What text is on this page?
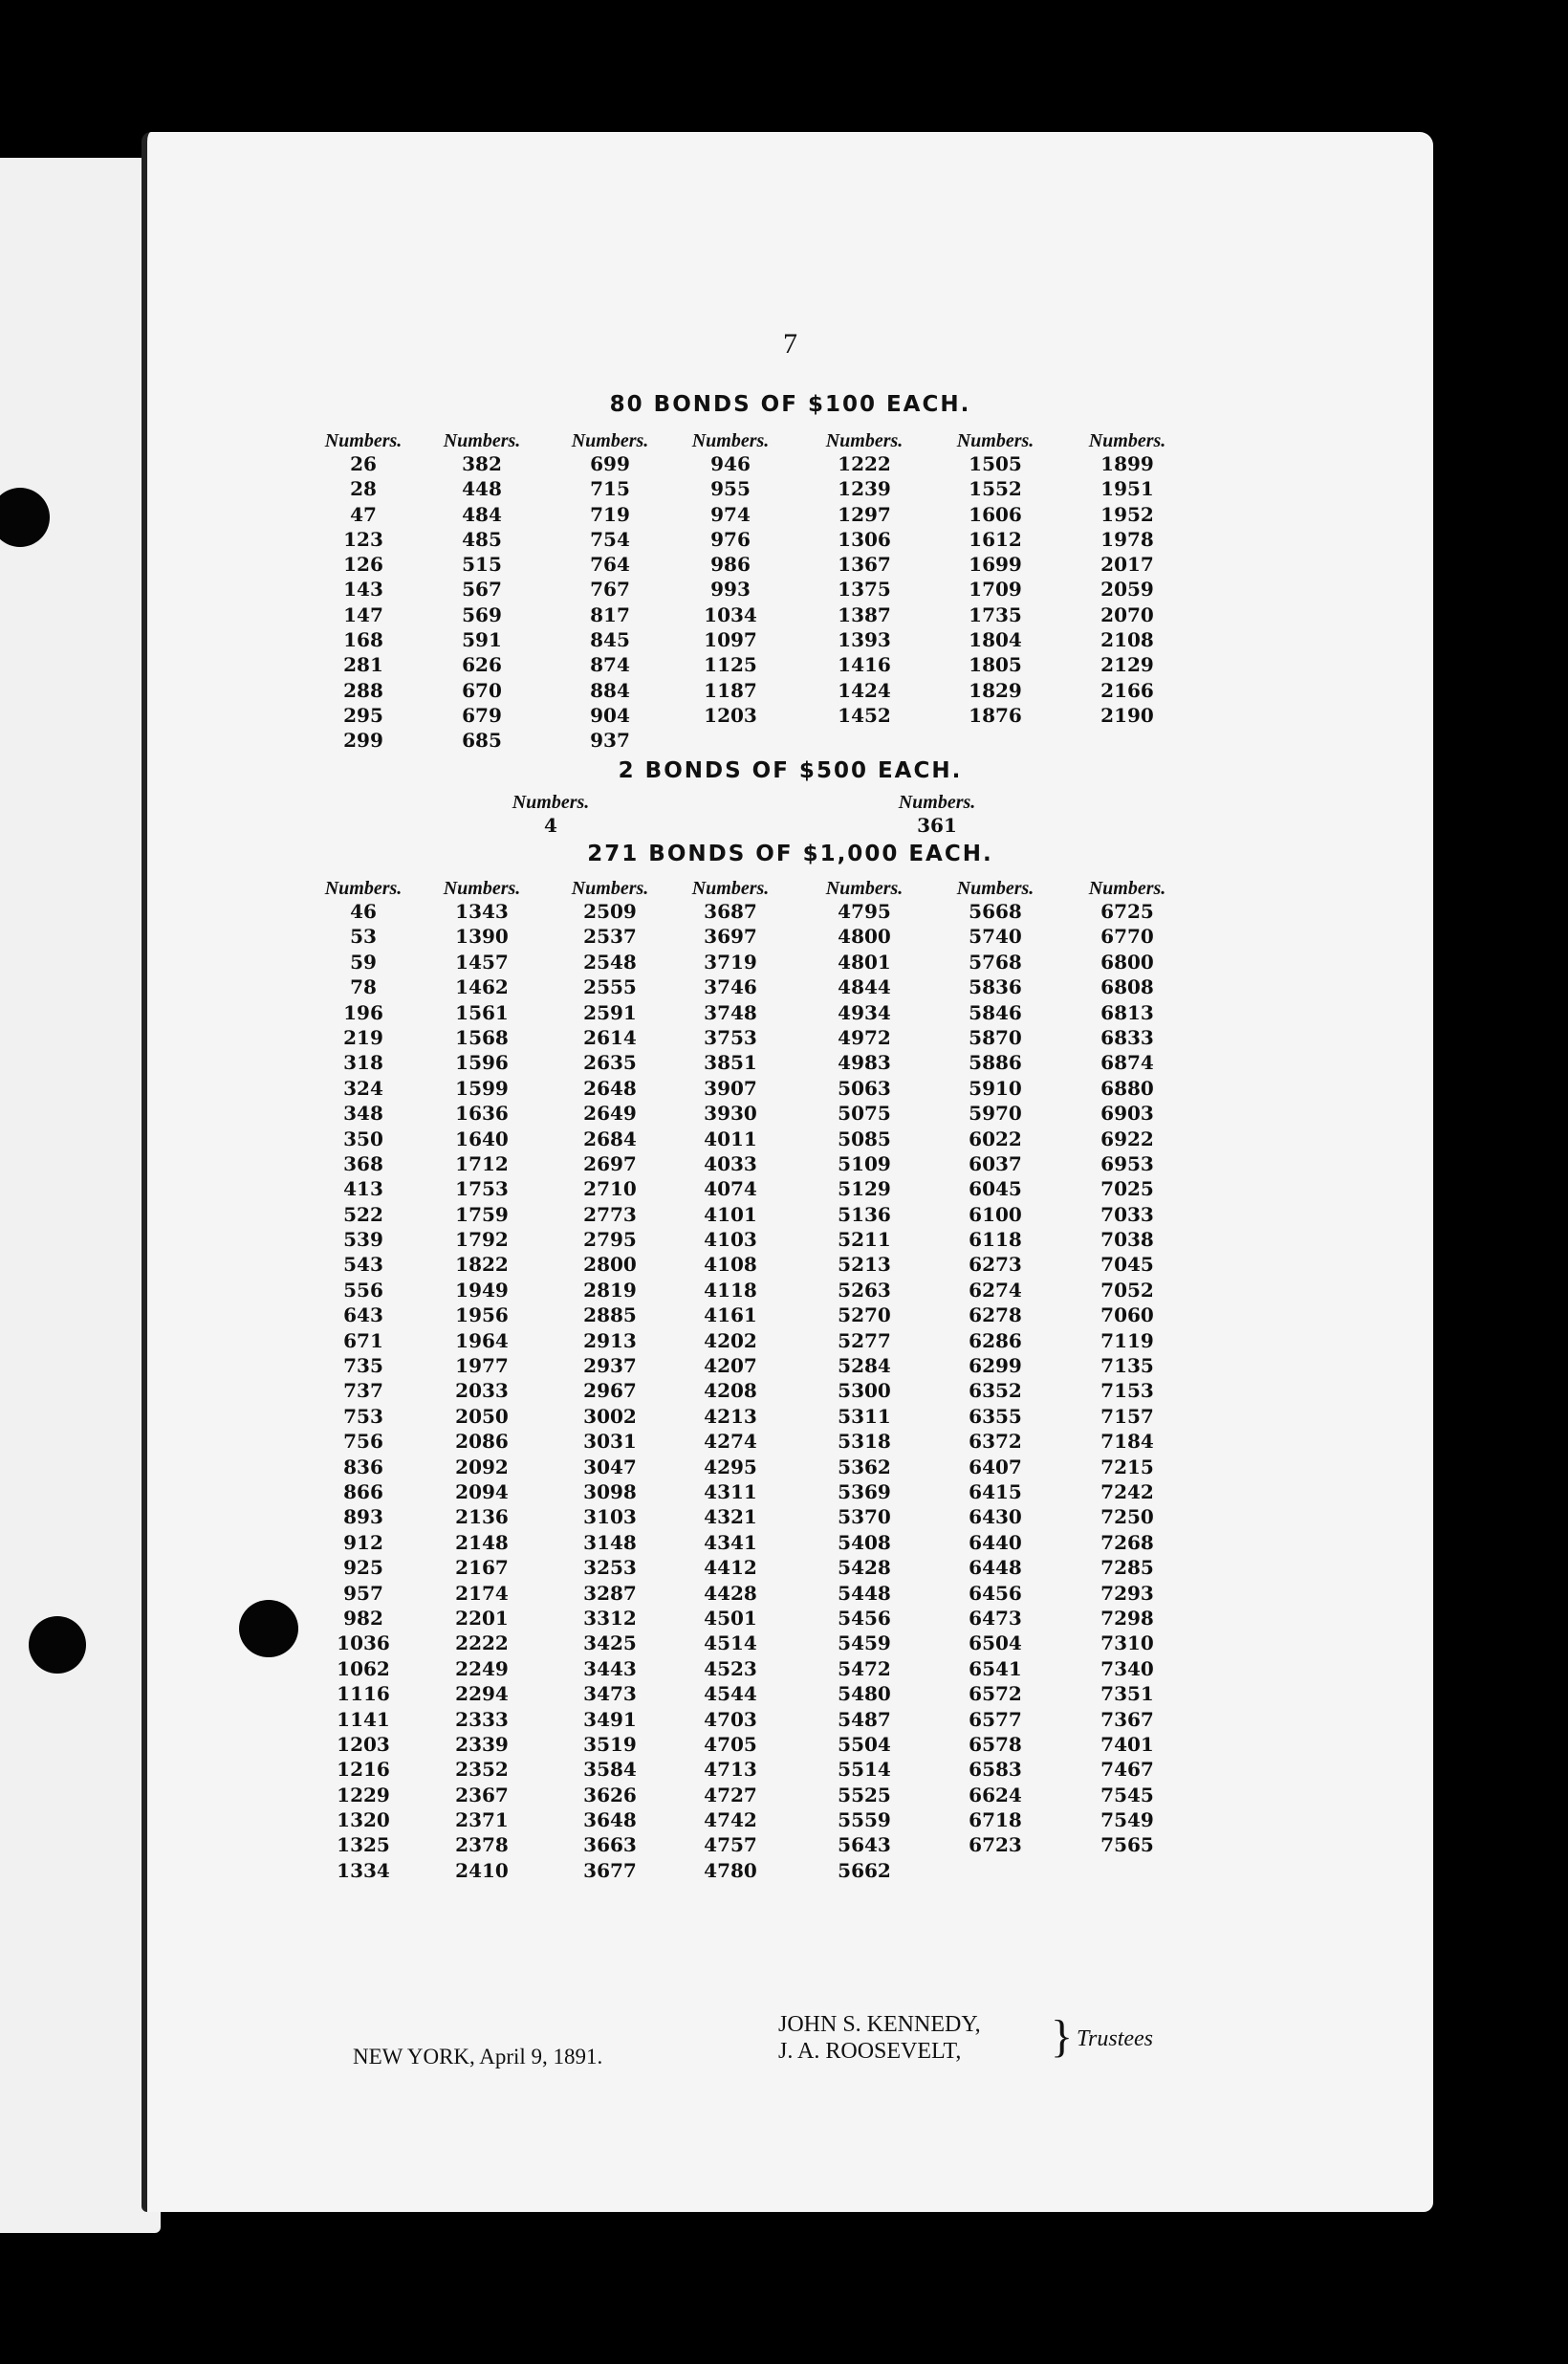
7
80 BONDS OF $100 EACH.
Numbers.
26
28
47
123
126
143
147
168
281
288
295
299
Numbers.
382
448
484
485
515
567
569
591
626
670
679
685
Numbers.
699
715
719
754
764
767
817
845
874
884
904
937
Numbers.
946
955
974
976
986
993
1034
1097
1125
1187
1203
Numbers.
1222
1239
1297
1306
1367
1375
1387
1393
1416
1424
1452
Numbers.
1505
1552
1606
1612
1699
1709
1735
1804
1805
1829
1876
Numbers.
1899
1951
1952
1978
2017
2059
2070
2108
2129
2166
2190
2 BONDS OF $500 EACH.
Numbers.
4
Numbers.
361
271 BONDS OF $1,000 EACH.
Numbers.
46
53
59
78
196
219
318
324
348
350
368
413
522
539
543
556
643
671
735
737
753
756
836
866
893
912
925
957
982
1036
1062
1116
1141
1203
1216
1229
1320
1325
1334
Numbers.
1343
1390
1457
1462
1561
1568
1596
1599
1636
1640
1712
1753
1759
1792
1822
1949
1956
1964
1977
2033
2050
2086
2092
2094
2136
2148
2167
2174
2201
2222
2249
2294
2333
2339
2352
2367
2371
2378
2410
Numbers.
2509
2537
2548
2555
2591
2614
2635
2648
2649
2684
2697
2710
2773
2795
2800
2819
2885
2913
2937
2967
3002
3031
3047
3098
3103
3148
3253
3287
3312
3425
3443
3473
3491
3519
3584
3626
3648
3663
3677
Numbers.
3687
3697
3719
3746
3748
3753
3851
3907
3930
4011
4033
4074
4101
4103
4108
4118
4161
4202
4207
4208
4213
4274
4295
4311
4321
4341
4412
4428
4501
4514
4523
4544
4703
4705
4713
4727
4742
4757
4780
Numbers.
4795
4800
4801
4844
4934
4972
4983
5063
5075
5085
5109
5129
5136
5211
5213
5263
5270
5277
5284
5300
5311
5318
5362
5369
5370
5408
5428
5448
5456
5459
5472
5480
5487
5504
5514
5525
5559
5643
5662
Numbers.
5668
5740
5768
5836
5846
5870
5886
5910
5970
6022
6037
6045
6100
6118
6273
6274
6278
6286
6299
6352
6355
6372
6407
6415
6430
6440
6448
6456
6473
6504
6541
6572
6577
6578
6583
6624
6718
6723
Numbers.
6725
6770
6800
6808
6813
6833
6874
6880
6903
6922
6953
7025
7033
7038
7045
7052
7060
7119
7135
7153
7157
7184
7215
7242
7250
7268
7285
7293
7298
7310
7340
7351
7367
7401
7467
7545
7549
7565
NEW YORK, April 9, 1891.
JOHN S. KENNEDY,
J. A. ROOSEVELT,	} Trustees
